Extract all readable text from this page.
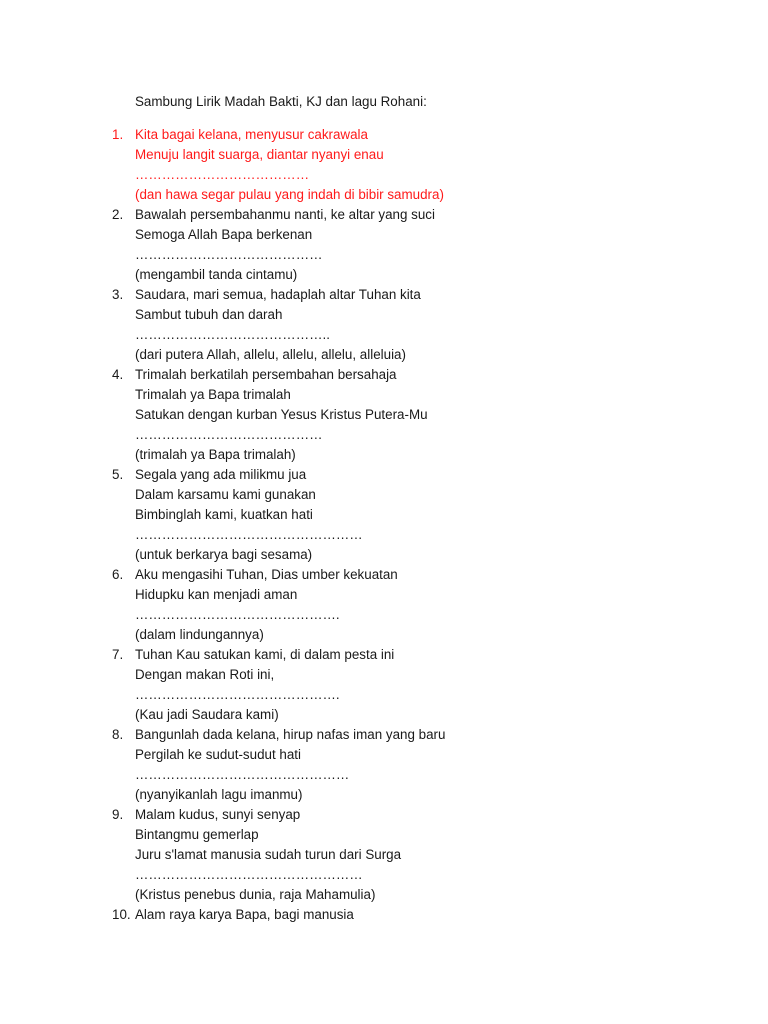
Sambung Lirik Madah Bakti, KJ dan lagu Rohani:
1. Kita bagai kelana, menyusur cakrawala
Menuju langit suarga, diantar nyanyi enau
…………………………………
(dan hawa segar pulau yang indah di bibir samudra)
2. Bawalah persembahanmu nanti, ke altar yang suci
Semoga Allah Bapa berkenan
……………………………………
(mengambil tanda cintamu)
3. Saudara, mari semua, hadaplah altar Tuhan kita
Sambut tubuh dan darah
……………………………………..
(dari putera Allah, allelu, allelu, allelu, alleluia)
4. Trimalah berkatilah persembahan bersahaja
Trimalah ya Bapa trimalah
Satukan dengan kurban Yesus Kristus Putera-Mu
……………………………………
(trimalah ya Bapa trimalah)
5. Segala yang ada milikmu jua
Dalam karsamu kami gunakan
Bimbinglah kami, kuatkan hati
……………………………………………
(untuk berkarya bagi sesama)
6. Aku mengasihi Tuhan, Dias umber kekuatan
Hidupku kan menjadi aman
……………………………………….
(dalam lindungannya)
7. Tuhan Kau satukan kami, di dalam pesta ini
Dengan makan Roti ini,
……………………………………….
(Kau jadi Saudara kami)
8. Bangunlah dada kelana, hirup nafas iman yang baru
Pergilah ke sudut-sudut hati
…………………………………………
(nyanyikanlah lagu imanmu)
9. Malam kudus, sunyi senyap
Bintangmu gemerlap
Juru s'lamat manusia sudah turun dari Surga
……………………………………………
(Kristus penebus dunia, raja Mahamulia)
10. Alam raya karya Bapa, bagi manusia
